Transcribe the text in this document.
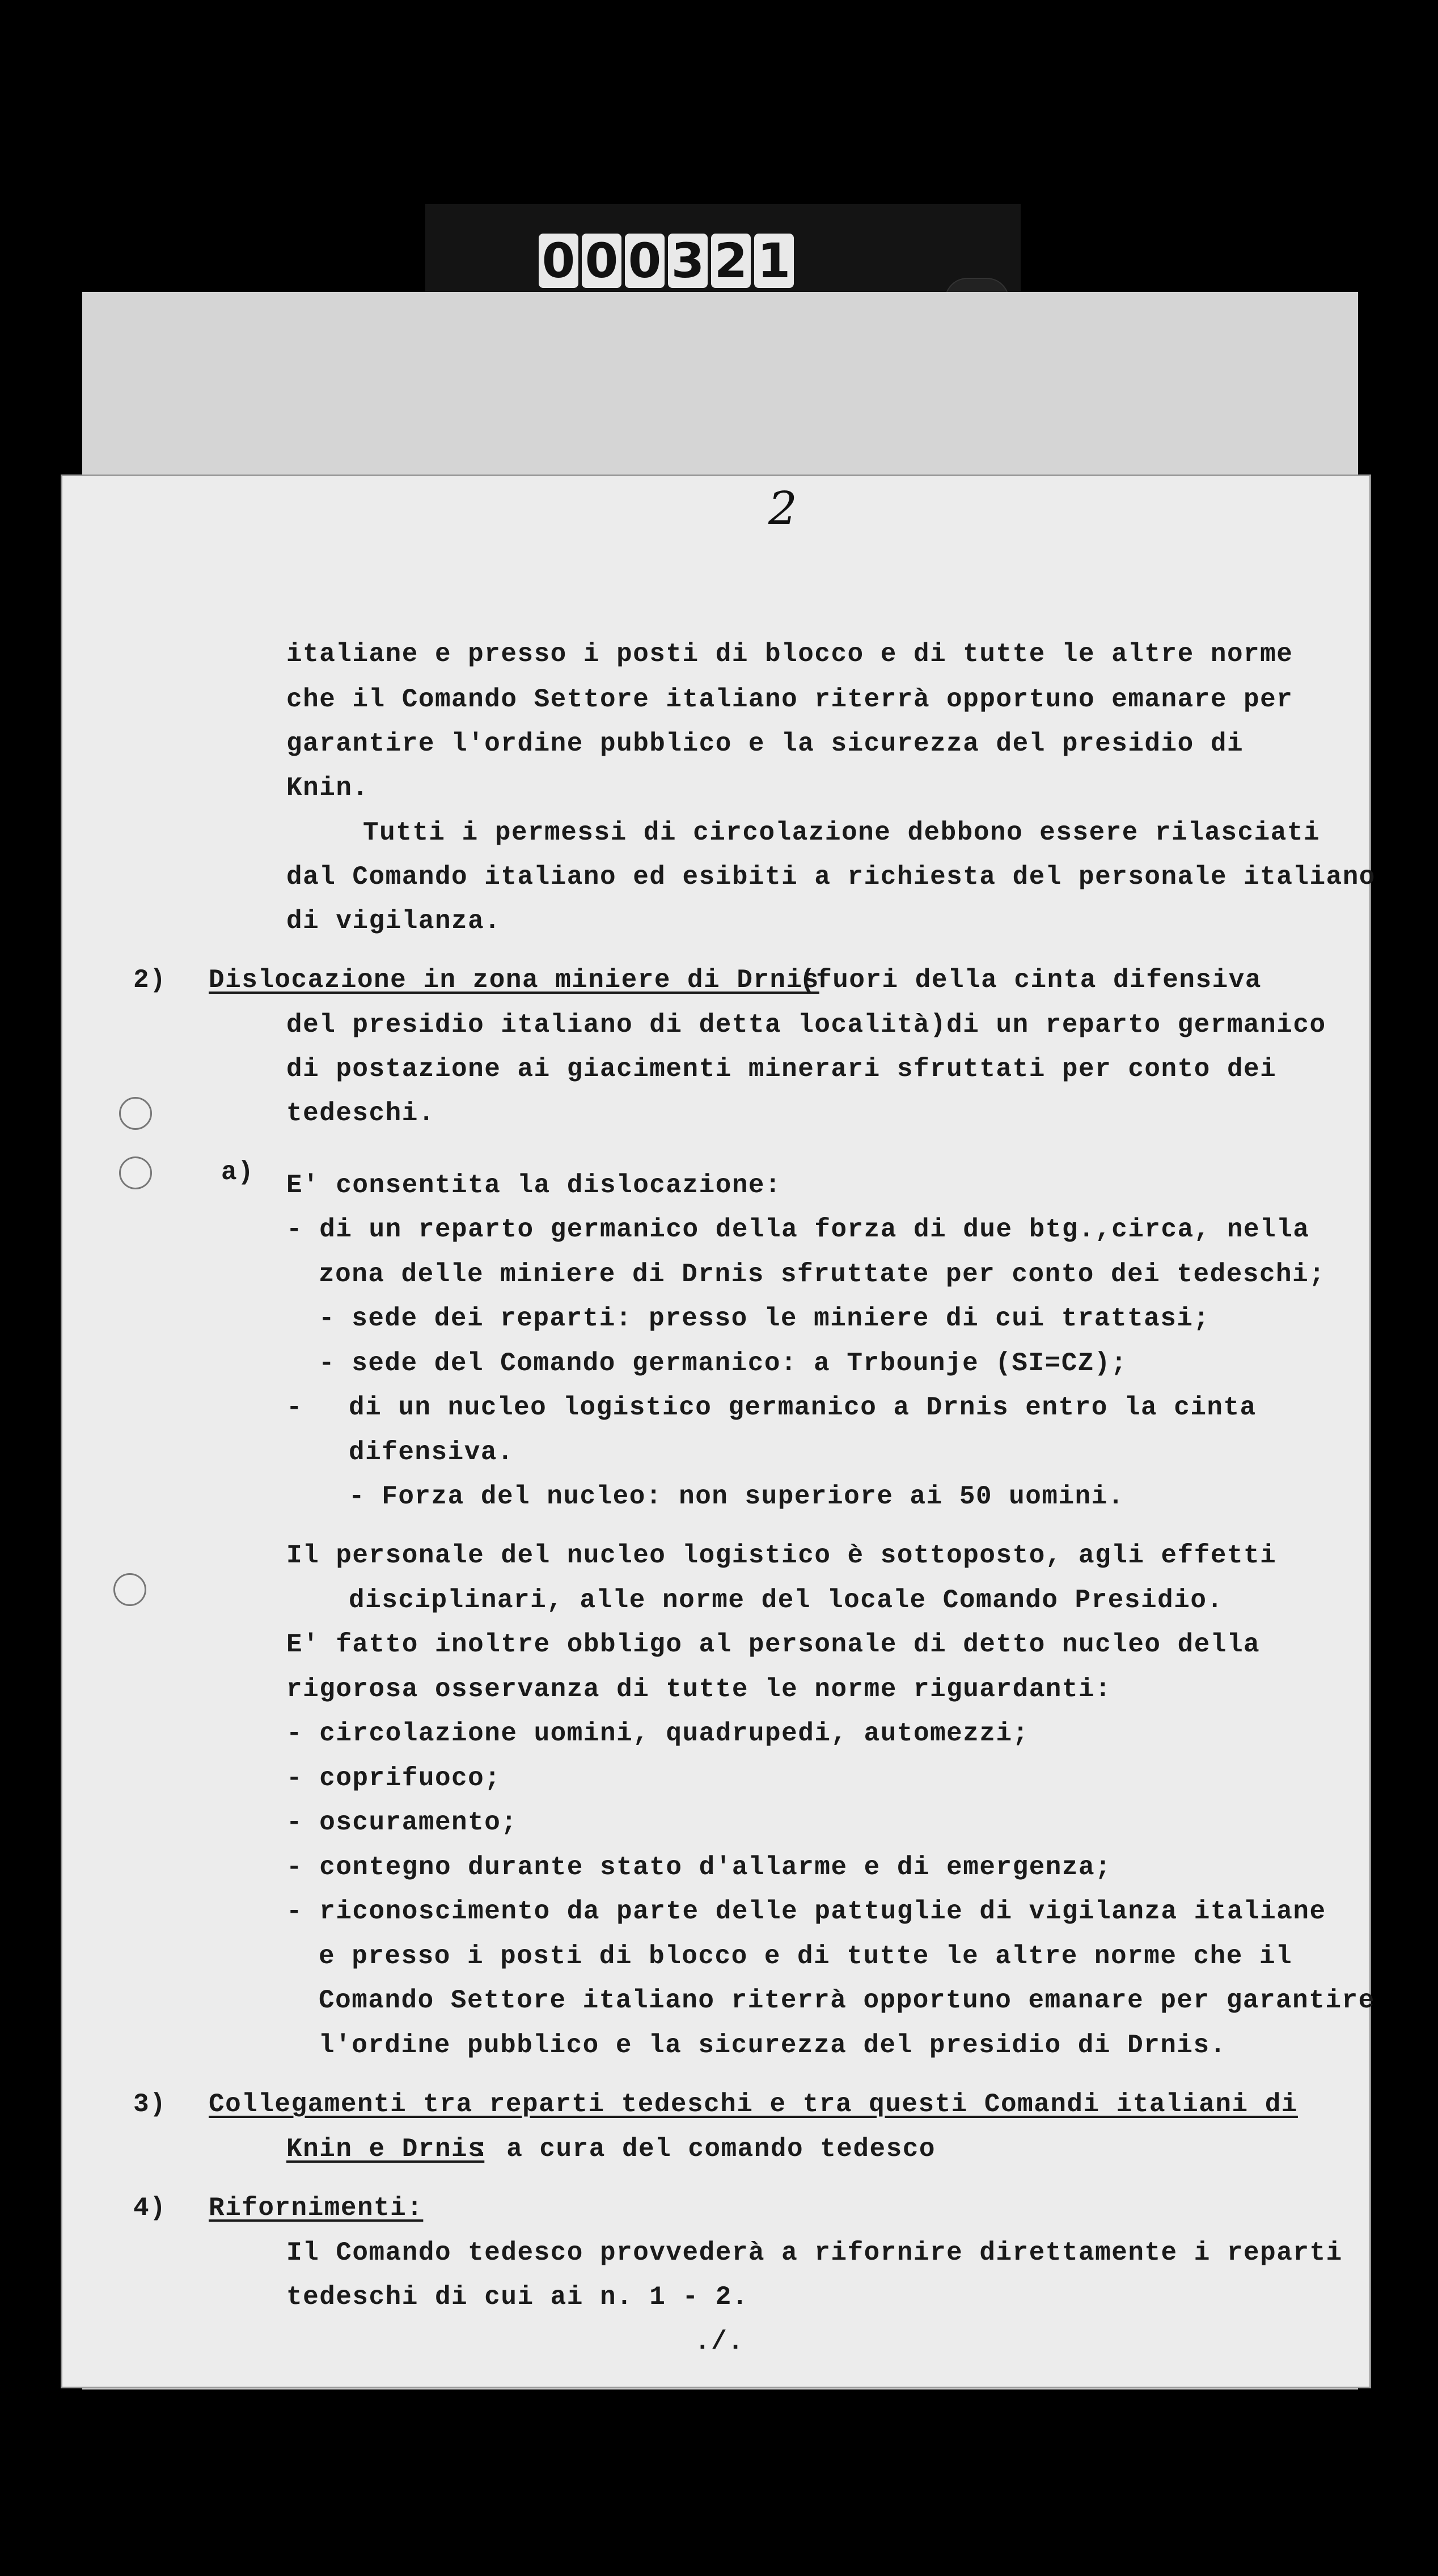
0 0 0 3 2 1
2
italiane e presso i posti di blocco e di tutte le altre norme
che il Comando Settore italiano riterrà opportuno emanare per
garantire l'ordine pubblico e la sicurezza del presidio di
Knin.
Tutti i permessi di circolazione debbono essere rilasciati
dal Comando italiano ed esibiti a richiesta del personale italiano
di vigilanza.
2) Dislocazione in zona miniere di Drnis
(fuori della cinta difensiva
del presidio italiano di detta località)di un reparto germanico
di postazione ai giacimenti minerari sfruttati per conto dei
tedeschi.
a) E' consentita la dislocazione:
- di un reparto germanico della forza di due btg.,circa, nella
zona delle miniere di Drnis sfruttate per conto dei tedeschi;
- sede dei reparti: presso le miniere di cui trattasi;
- sede del Comando germanico: a Trbounje (SI=CZ);
- di un nucleo logistico germanico a Drnis entro la cinta
difensiva.
- Forza del nucleo: non superiore ai 50 uomini.
Il personale del nucleo logistico è sottoposto, agli effetti
disciplinari, alle norme del locale Comando Presidio.
E' fatto inoltre obbligo al personale di detto nucleo della
rigorosa osservanza di tutte le norme riguardanti:
- circolazione uomini, quadrupedi, automezzi;
- coprifuoco;
- oscuramento;
- contegno durante stato d'allarme e di emergenza;
- riconoscimento da parte delle pattuglie di vigilanza italiane
e presso i posti di blocco e di tutte le altre norme che il
Comando Settore italiano riterrà opportuno emanare per garantire
l'ordine pubblico e la sicurezza del presidio di Drnis.
3) Collegamenti tra reparti tedeschi e tra questi Comandi italiani di
Knin e Drnis
: a cura del comando tedesco
4) Rifornimenti:
Il Comando tedesco provvederà a rifornire direttamente i reparti
tedeschi di cui ai n. 1 - 2.
./.
